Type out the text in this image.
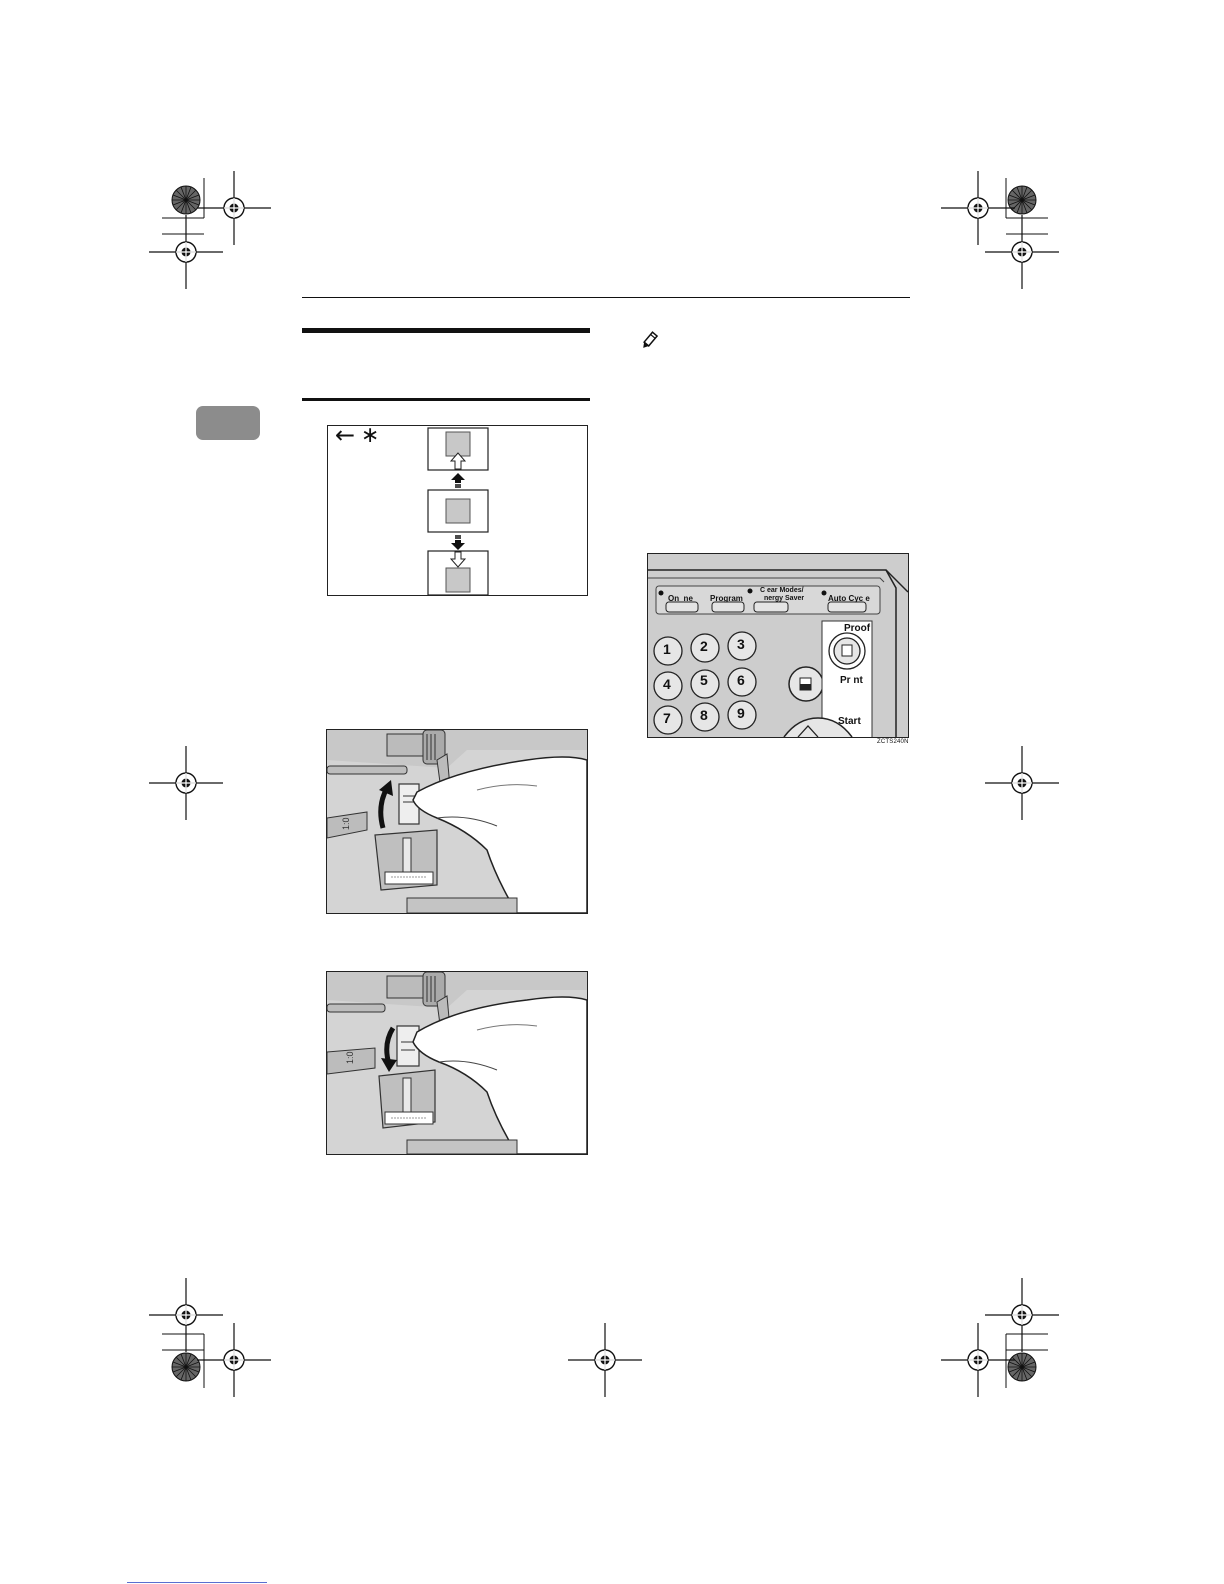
← ∗
1:0
1:0
On  ne Program
C ear Modes/
nergy Saver	Auto Cyc e
Proof
Pr nt
Start
1 2 3
4 5 6
7 8 9
ZCTS240N
